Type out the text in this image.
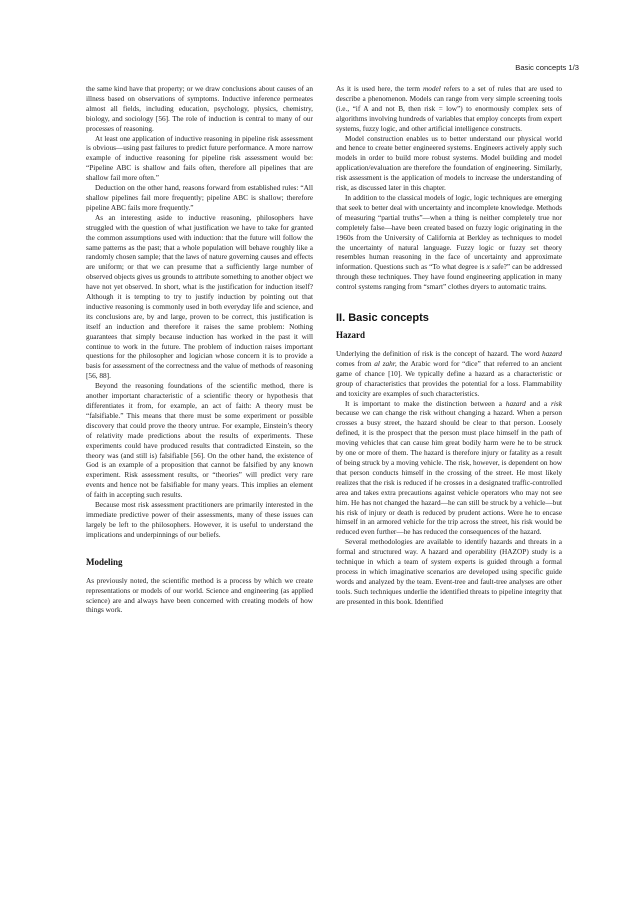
Basic concepts 1/3

the same kind have that property; or we draw conclusions about causes of an illness based on observations of symptoms. Inductive inference permeates almost all fields, including education, psychology, physics, chemistry, biology, and sociology [56]. The role of induction is central to many of our processes of reasoning.

At least one application of inductive reasoning in pipeline risk assessment is obvious—using past failures to predict future performance. A more narrow example of inductive reasoning for pipeline risk assessment would be: “Pipeline ABC is shallow and fails often, therefore all pipelines that are shallow fail more often.”

Deduction on the other hand, reasons forward from established rules: “All shallow pipelines fail more frequently; pipeline ABC is shallow; therefore pipeline ABC fails more frequently.”

As an interesting aside to inductive reasoning, philosophers have struggled with the question of what justification we have to take for granted the common assumptions used with induction: that the future will follow the same patterns as the past; that a whole population will behave roughly like a randomly chosen sample; that the laws of nature governing causes and effects are uniform; or that we can presume that a sufficiently large number of observed objects gives us grounds to attribute something to another object we have not yet observed. In short, what is the justification for induction itself? Although it is tempting to try to justify induction by pointing out that inductive reasoning is commonly used in both everyday life and science, and its conclusions are, by and large, proven to be correct, this justification is itself an induction and therefore it raises the same problem: Nothing guarantees that simply because induction has worked in the past it will continue to work in the future. The problem of induction raises important questions for the philosopher and logician whose concern it is to provide a basis for assessment of the correctness and the value of methods of reasoning [56, 88].

Beyond the reasoning foundations of the scientific method, there is another important characteristic of a scientific theory or hypothesis that differentiates it from, for example, an act of faith: A theory must be “falsifiable.” This means that there must be some experiment or possible discovery that could prove the theory untrue. For example, Einstein’s theory of relativity made predictions about the results of experiments. These experiments could have produced results that contradicted Einstein, so the theory was (and still is) falsifiable [56]. On the other hand, the existence of God is an example of a proposition that cannot be falsified by any known experiment. Risk assessment results, or “theories” will predict very rare events and hence not be falsifiable for many years. This implies an element of faith in accepting such results.

Because most risk assessment practitioners are primarily interested in the immediate predictive power of their assessments, many of these issues can largely be left to the philosophers. However, it is useful to understand the implications and underpinnings of our beliefs.

Modeling

As previously noted, the scientific method is a process by which we create representations or models of our world. Science and engineering (as applied science) are and always have been concerned with creating models of how things work.

As it is used here, the term model refers to a set of rules that are used to describe a phenomenon. Models can range from very simple screening tools (i.e., “if A and not B, then risk = low”) to enormously complex sets of algorithms involving hundreds of variables that employ concepts from expert systems, fuzzy logic, and other artificial intelligence constructs.

Model construction enables us to better understand our physical world and hence to create better engineered systems. Engineers actively apply such models in order to build more robust systems. Model building and model application/evaluation are therefore the foundation of engineering. Similarly, risk assessment is the application of models to increase the understanding of risk, as discussed later in this chapter.

In addition to the classical models of logic, logic techniques are emerging that seek to better deal with uncertainty and incomplete knowledge. Methods of measuring “partial truths”—when a thing is neither completely true nor completely false—have been created based on fuzzy logic originating in the 1960s from the University of California at Berkley as techniques to model the uncertainty of natural language. Fuzzy logic or fuzzy set theory resembles human reasoning in the face of uncertainty and approximate information. Questions such as “To what degree is x safe?” can be addressed through these techniques. They have found engineering application in many control systems ranging from “smart” clothes dryers to automatic trains.

II. Basic concepts
Hazard

Underlying the definition of risk is the concept of hazard. The word hazard comes from al zahr, the Arabic word for “dice” that referred to an ancient game of chance [10]. We typically define a hazard as a characteristic or group of characteristics that provides the potential for a loss. Flammability and toxicity are examples of such characteristics.

It is important to make the distinction between a hazard and a risk because we can change the risk without changing a hazard. When a person crosses a busy street, the hazard should be clear to that person. Loosely defined, it is the prospect that the person must place himself in the path of moving vehicles that can cause him great bodily harm were he to be struck by one or more of them. The hazard is therefore injury or fatality as a result of being struck by a moving vehicle. The risk, however, is dependent on how that person conducts himself in the crossing of the street. He most likely realizes that the risk is reduced if he crosses in a designated traffic-controlled area and takes extra precautions against vehicle operators who may not see him. He has not changed the hazard—he can still be struck by a vehicle—but his risk of injury or death is reduced by prudent actions. Were he to encase himself in an armored vehicle for the trip across the street, his risk would be reduced even further—he has reduced the consequences of the hazard.

Several methodologies are available to identify hazards and threats in a formal and structured way. A hazard and operability (HAZOP) study is a technique in which a team of system experts is guided through a formal process in which imaginative scenarios are developed using specific guide words and analyzed by the team. Event-tree and fault-tree analyses are other tools. Such techniques underlie the identified threats to pipeline integrity that are presented in this book. Identified
